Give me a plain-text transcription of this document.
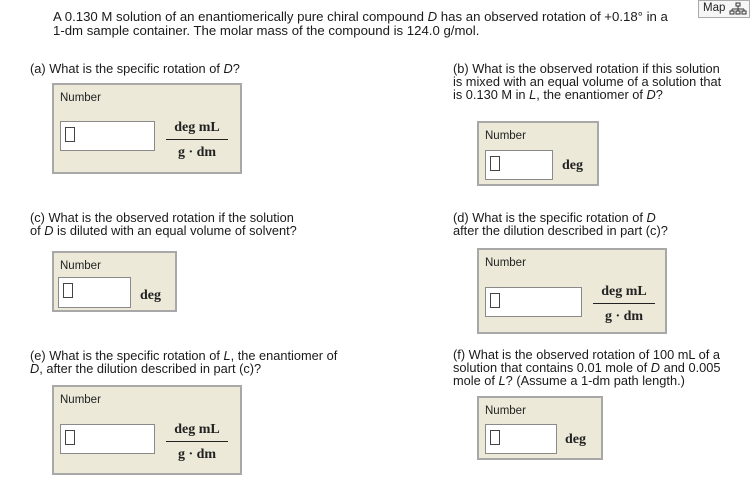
A 0.130 M solution of an enantiomerically pure chiral compound D has an observed rotation of +0.18° in a
1-dm sample container. The molar mass of the compound is 124.0 g/mol.
Map
(a) What is the specific rotation of D?
Number
deg mL
g · dm
(b) What is the observed rotation if this solution
is mixed with an equal volume of a solution that
is 0.130 M in L, the enantiomer of D?
Number
deg
(c) What is the observed rotation if the solution
of D is diluted with an equal volume of solvent?
Number
deg
(d) What is the specific rotation of D
after the dilution described in part (c)?
Number
deg mL
g · dm
(e) What is the specific rotation of L, the enantiomer of
D, after the dilution described in part (c)?
Number
deg mL
g · dm
(f) What is the observed rotation of 100 mL of a
solution that contains 0.01 mole of D and 0.005
mole of L? (Assume a 1-dm path length.)
Number
deg
